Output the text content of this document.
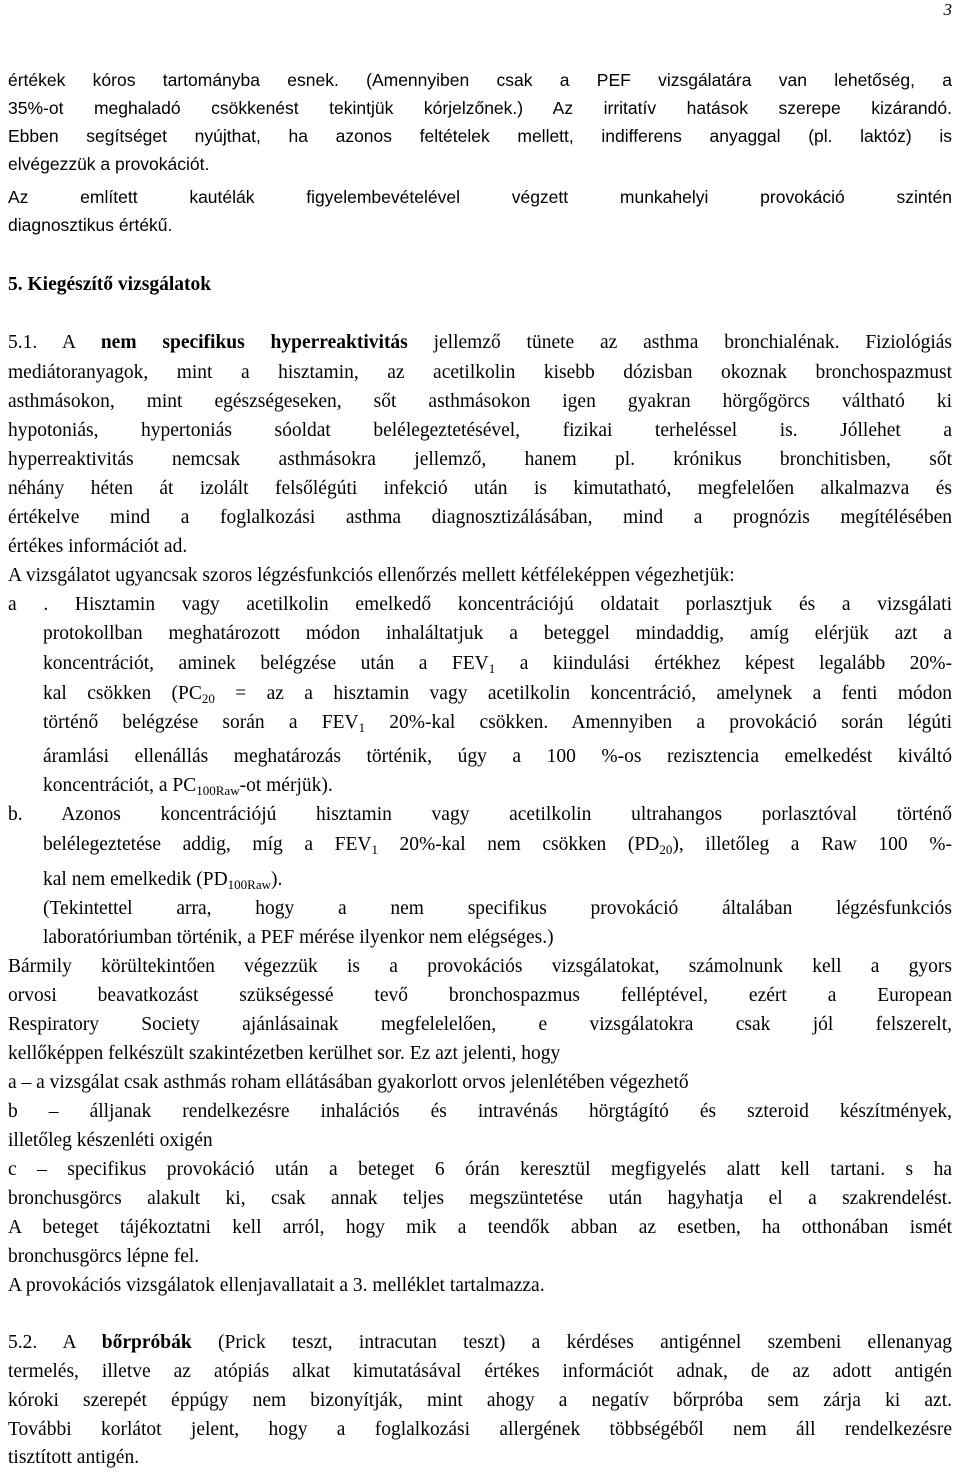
3
értékek kóros tartományba esnek. (Amennyiben csak a PEF vizsgálatára van lehetőség, a
35%-ot meghaladó csökkenést tekintjük kórjelzőnek.) Az irritatív hatások szerepe kizárandó.
Ebben segítséget nyújthat, ha azonos feltételek mellett, indifferens anyaggal (pl. laktóz) is
elvégezzük a provokációt.
Az említett kautélák figyelembevételével végzett munkahelyi provokáció szintén
diagnosztikus értékű.
5. Kiegészítő vizsgálatok
5.1. A nem specifikus hyperreaktivitás jellemző tünete az asthma bronchialénak. Fiziológiás
mediátoranyagok, mint a hisztamin, az acetilkolin kisebb dózisban okoznak bronchospazmust
asthmásokon, mint egészségeseken, sőt asthmásokon igen gyakran hörgőgörcs váltható ki
hypotoniás, hypertoniás sóoldat belélegeztetésével, fizikai terheléssel is. Jóllehet a
hyperreaktivitás nemcsak asthmásokra jellemző, hanem pl. krónikus bronchitisben, sőt
néhány héten át izolált felsőlégúti infekció után is kimutatható, megfelelően alkalmazva és
értékelve mind a foglalkozási asthma diagnosztizálásában, mind a prognózis megítélésében
értékes információt ad.
A vizsgálatot ugyancsak szoros légzésfunkciós ellenőrzés mellett kétféleképpen végezhetjük:
a . Hisztamin vagy acetilkolin emelkedő koncentrációjú oldatait porlasztjuk és a vizsgálati
protokollban meghatározott módon inhaláltatjuk a beteggel mindaddig, amíg elérjük azt a
koncentrációt, aminek belégzése után a $FEV_1$ a kiindulási értékhez képest legalább 20%-
kal csökken ($PC_{20}$ = az a hisztamin vagy acetilkolin koncentráció, amelynek a fenti módon
történő belégzése során a $FEV_1$ 20%-kal csökken. Amennyiben a provokáció során légúti
áramlási ellenállás meghatározás történik, úgy a 100 %-os rezisztencia emelkedést kiváltó
koncentrációt, a $PC_{100Raw}-ot$ mérjük).
b. Azonos koncentrációjú hisztamin vagy acetilkolin ultrahangos porlasztóval történő
belélegeztetése addig, míg a $FEV_1$ 20%-kal nem csökken $(PD_{20})$, illetőleg a Raw 100 %-
kal nem emelkedik $(PD_{100Raw})$.
(Tekintettel arra, hogy a nem specifikus provokáció általában légzésfunkciós
laboratóriumban történik, a PEF mérése ilyenkor nem elégséges.)
Bármily körültekintően végezzük is a provokációs vizsgálatokat, számolnunk kell a gyors
orvosi beavatkozást szükségessé tevő bronchospazmus felléptével, ezért a European
Respiratory Society ajánlásainak megfelelelően, e vizsgálatokra csak jól felszerelt,
kellőképpen felkészült szakintézetben kerülhet sor. Ez azt jelenti, hogy
a – a vizsgálat csak asthmás roham ellátásában gyakorlott orvos jelenlétében végezhető
b – álljanak rendelkezésre inhalációs és intravénás hörgtágító és szteroid készítmények,
illetőleg készenléti oxigén
c – specifikus provokáció után a beteget 6 órán keresztül megfigyelés alatt kell tartani. s ha
bronchusgörcs alakult ki, csak annak teljes megszüntetése után hagyhatja el a szakrendelést.
A beteget tájékoztatni kell arról, hogy mik a teendők abban az esetben, ha otthonában ismét
bronchusgörcs lépne fel.
A provokációs vizsgálatok ellenjavallatait a 3. melléklet tartalmazza.
5.2. A bőrpróbák (Prick teszt, intracutan teszt) a kérdéses antigénnel szembeni ellenanyag
termelés, illetve az atópiás alkat kimutatásával értékes információt adnak, de az adott antigén
kóroki szerepét éppúgy nem bizonyítják, mint ahogy a negatív bőrpróba sem zárja ki azt.
További korlátot jelent, hogy a foglalkozási allergének többségéből nem áll rendelkezésre
tisztított antigén.
